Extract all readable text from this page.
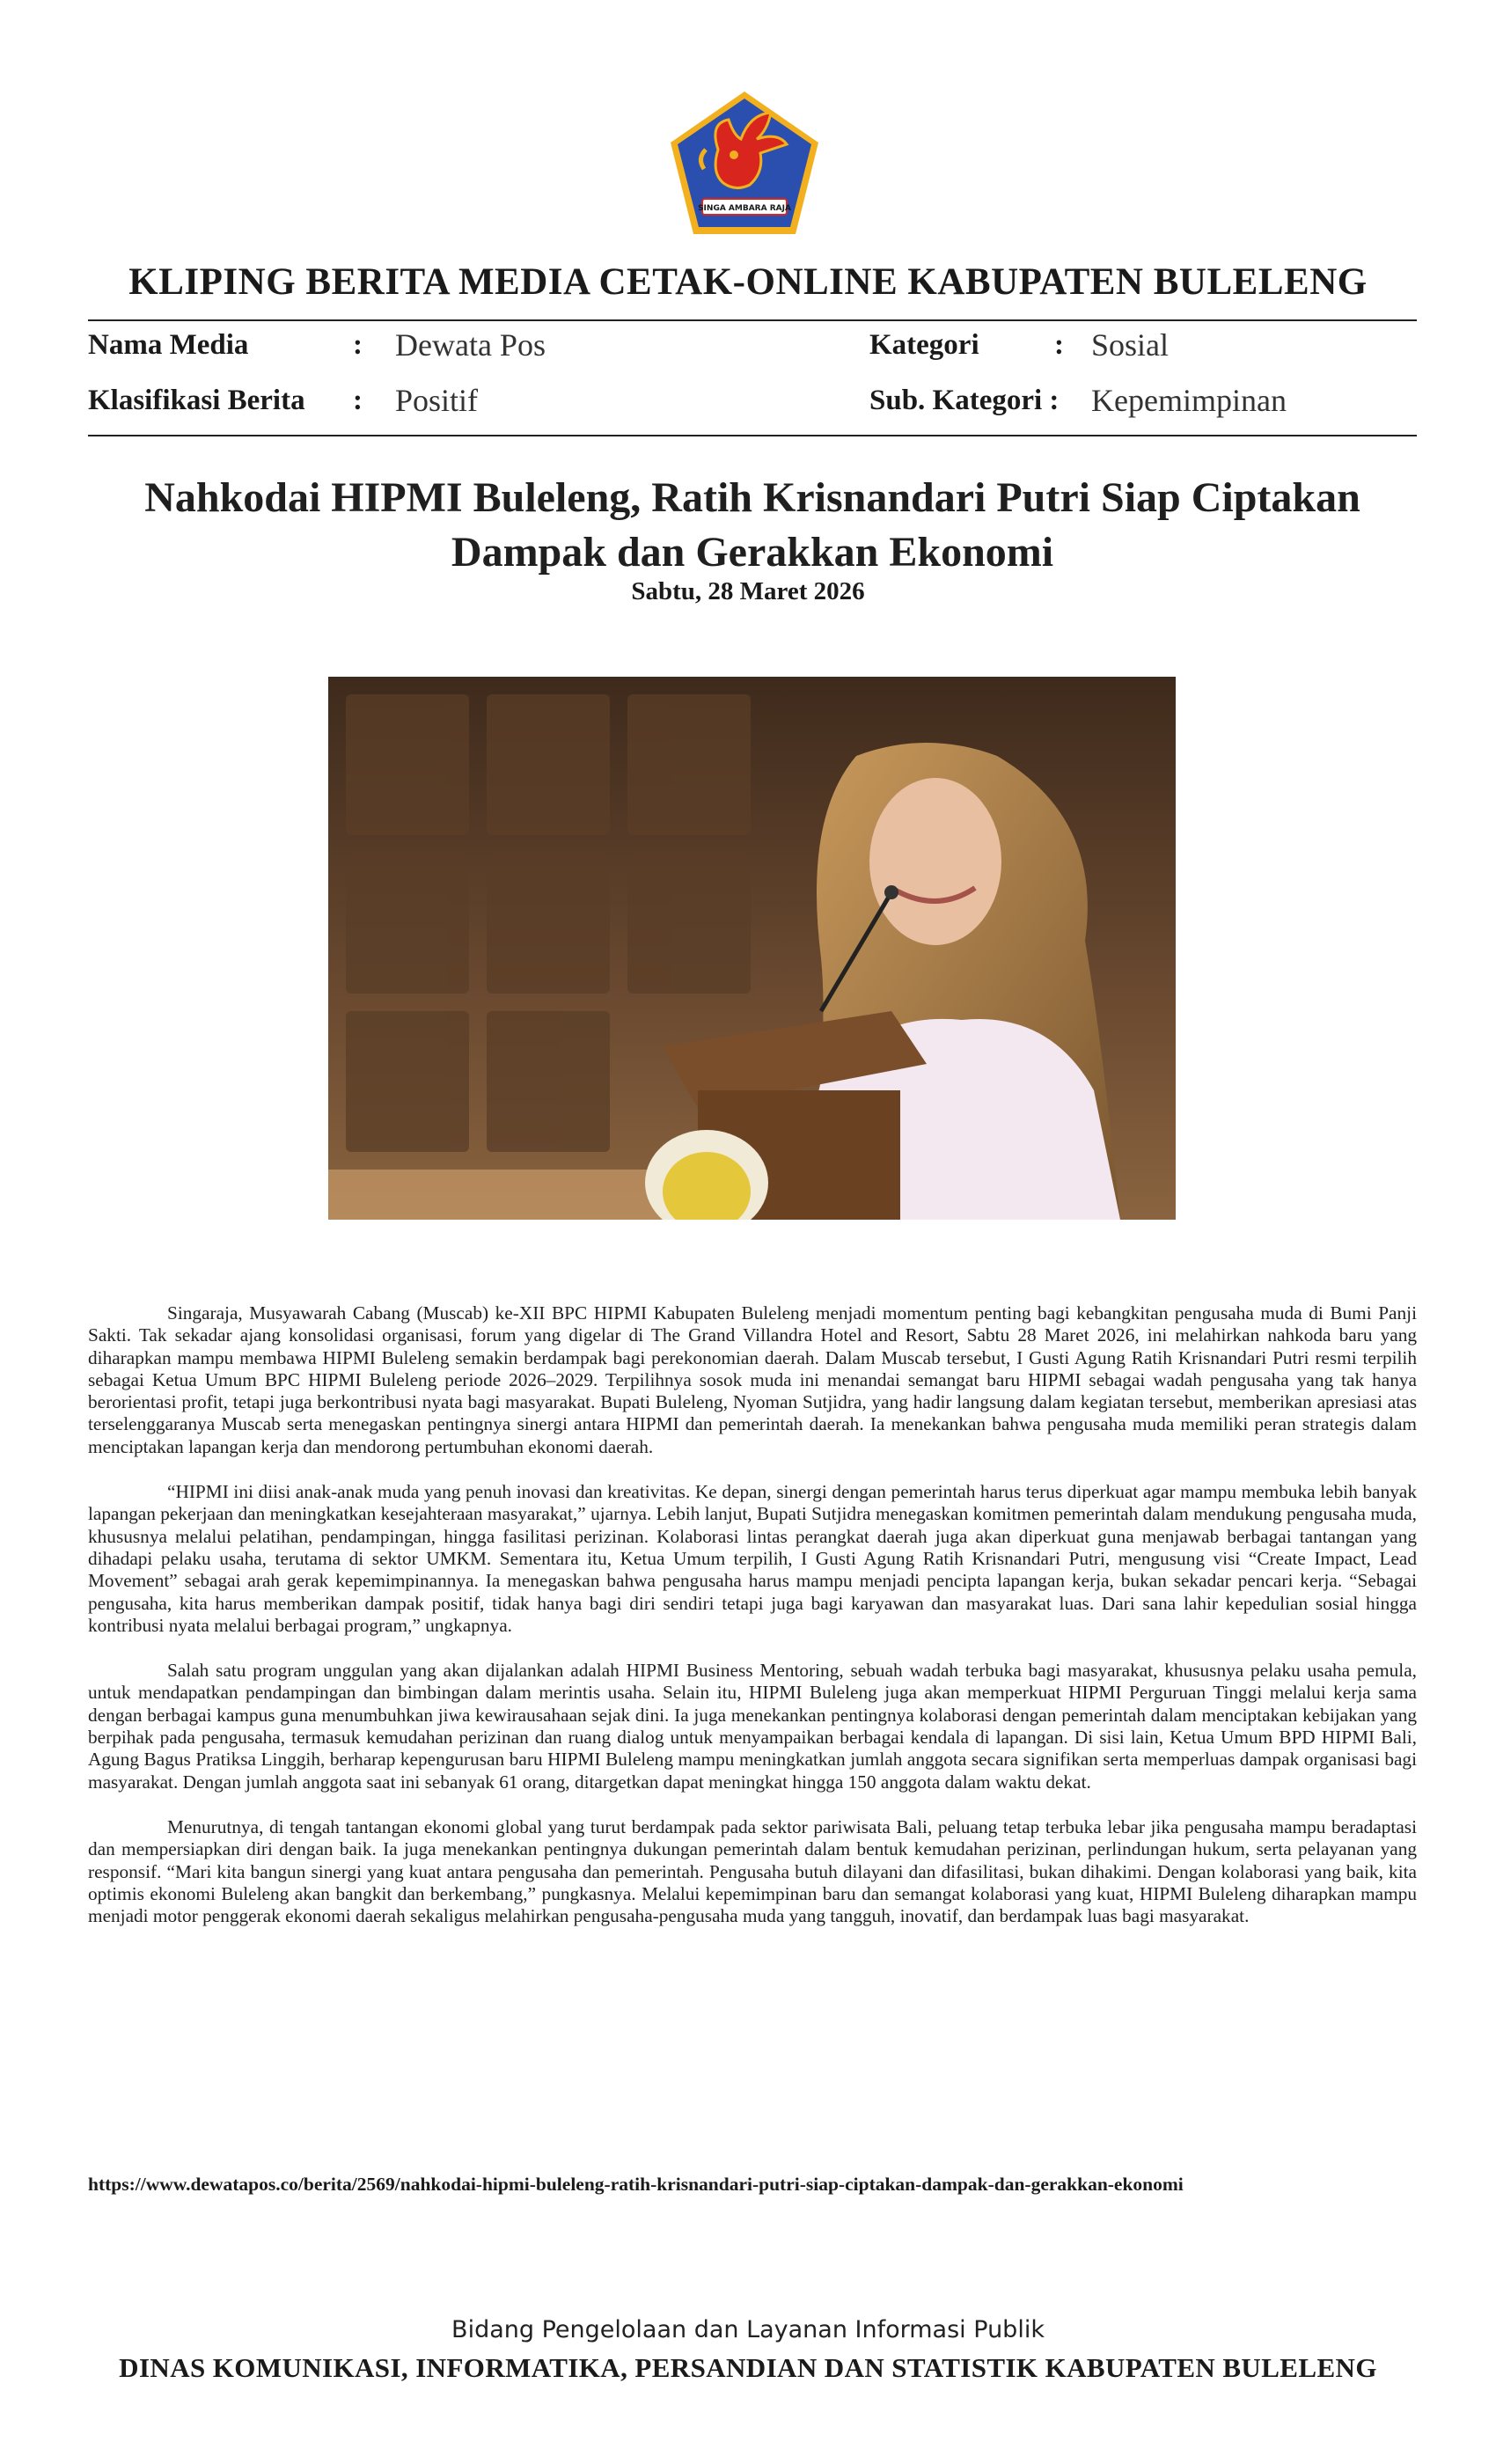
SINGA AMBARA RAJA
KLIPING BERITA MEDIA CETAK-ONLINE KABUPATEN BULELENG
Nama Media	: Dewata Pos	Kategori	: Sosial
Klasifikasi Berita : Positif	Sub. Kategori : Kepemimpinan
Nahkodai HIPMI Buleleng, Ratih Krisnandari Putri Siap Ciptakan
Dampak dan Gerakkan Ekonomi
Sabtu, 28 Maret 2026

Singaraja, Musyawarah Cabang (Muscab) ke-XII BPC HIPMI Kabupaten Buleleng menjadi momentum penting bagi kebangkitan pengusaha muda di Bumi Panji Sakti. Tak sekadar ajang konsolidasi organisasi, forum yang digelar di The Grand Villandra Hotel and Resort, Sabtu 28 Maret 2026, ini melahirkan nahkoda baru yang diharapkan mampu membawa HIPMI Buleleng semakin berdampak bagi perekonomian daerah. Dalam Muscab tersebut, I Gusti Agung Ratih Krisnandari Putri resmi terpilih sebagai Ketua Umum BPC HIPMI Buleleng periode 2026–2029. Terpilihnya sosok muda ini menandai semangat baru HIPMI sebagai wadah pengusaha yang tak hanya berorientasi profit, tetapi juga berkontribusi nyata bagi masyarakat. Bupati Buleleng, Nyoman Sutjidra, yang hadir langsung dalam kegiatan tersebut, memberikan apresiasi atas terselenggaranya Muscab serta menegaskan pentingnya sinergi antara HIPMI dan pemerintah daerah. Ia menekankan bahwa pengusaha muda memiliki peran strategis dalam menciptakan lapangan kerja dan mendorong pertumbuhan ekonomi daerah.

“HIPMI ini diisi anak-anak muda yang penuh inovasi dan kreativitas. Ke depan, sinergi dengan pemerintah harus terus diperkuat agar mampu membuka lebih banyak lapangan pekerjaan dan meningkatkan kesejahteraan masyarakat,” ujarnya. Lebih lanjut, Bupati Sutjidra menegaskan komitmen pemerintah dalam mendukung pengusaha muda, khususnya melalui pelatihan, pendampingan, hingga fasilitasi perizinan. Kolaborasi lintas perangkat daerah juga akan diperkuat guna menjawab berbagai tantangan yang dihadapi pelaku usaha, terutama di sektor UMKM. Sementara itu, Ketua Umum terpilih, I Gusti Agung Ratih Krisnandari Putri, mengusung visi “Create Impact, Lead Movement” sebagai arah gerak kepemimpinannya. Ia menegaskan bahwa pengusaha harus mampu menjadi pencipta lapangan kerja, bukan sekadar pencari kerja. “Sebagai pengusaha, kita harus memberikan dampak positif, tidak hanya bagi diri sendiri tetapi juga bagi karyawan dan masyarakat luas. Dari sana lahir kepedulian sosial hingga kontribusi nyata melalui berbagai program,” ungkapnya.

Salah satu program unggulan yang akan dijalankan adalah HIPMI Business Mentoring, sebuah wadah terbuka bagi masyarakat, khususnya pelaku usaha pemula, untuk mendapatkan pendampingan dan bimbingan dalam merintis usaha. Selain itu, HIPMI Buleleng juga akan memperkuat HIPMI Perguruan Tinggi melalui kerja sama dengan berbagai kampus guna menumbuhkan jiwa kewirausahaan sejak dini. Ia juga menekankan pentingnya kolaborasi dengan pemerintah dalam menciptakan kebijakan yang berpihak pada pengusaha, termasuk kemudahan perizinan dan ruang dialog untuk menyampaikan berbagai kendala di lapangan. Di sisi lain, Ketua Umum BPD HIPMI Bali, Agung Bagus Pratiksa Linggih, berharap kepengurusan baru HIPMI Buleleng mampu meningkatkan jumlah anggota secara signifikan serta memperluas dampak organisasi bagi masyarakat. Dengan jumlah anggota saat ini sebanyak 61 orang, ditargetkan dapat meningkat hingga 150 anggota dalam waktu dekat.

Menurutnya, di tengah tantangan ekonomi global yang turut berdampak pada sektor pariwisata Bali, peluang tetap terbuka lebar jika pengusaha mampu beradaptasi dan mempersiapkan diri dengan baik. Ia juga menekankan pentingnya dukungan pemerintah dalam bentuk kemudahan perizinan, perlindungan hukum, serta pelayanan yang responsif. “Mari kita bangun sinergi yang kuat antara pengusaha dan pemerintah. Pengusaha butuh dilayani dan difasilitasi, bukan dihakimi. Dengan kolaborasi yang baik, kita optimis ekonomi Buleleng akan bangkit dan berkembang,” pungkasnya. Melalui kepemimpinan baru dan semangat kolaborasi yang kuat, HIPMI Buleleng diharapkan mampu menjadi motor penggerak ekonomi daerah sekaligus melahirkan pengusaha-pengusaha muda yang tangguh, inovatif, dan berdampak luas bagi masyarakat.

https://www.dewatapos.co/berita/2569/nahkodai-hipmi-buleleng-ratih-krisnandari-putri-siap-ciptakan-dampak-dan-gerakkan-ekonomi
Bidang Pengelolaan dan Layanan Informasi Publik
DINAS KOMUNIKASI, INFORMATIKA, PERSANDIAN DAN STATISTIK KABUPATEN BULELENG
